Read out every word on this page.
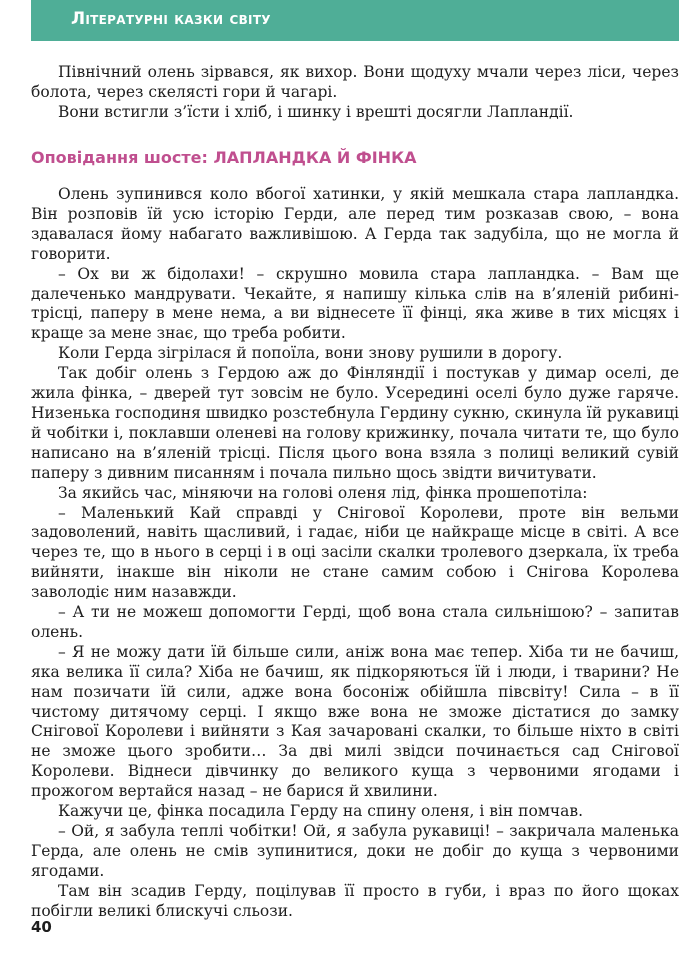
Літературні казки світу

Північний олень зірвався, як вихор. Вони щодуху мчали через ліси, через болота, через скелясті гори й чагарі.

Вони встигли з’їсти і хліб, і шинку і врешті досягли Лапландії.

Оповідання шосте: ЛАПЛАНДКА Й ФІНКА

Олень зупинився коло вбогої хатинки, у якій мешкала стара лапландка. Він розповів їй усю історію Герди, але перед тим розказав свою, – вона здавалася йому набагато важливішою. А Герда так задубіла, що не могла й говорити.

– Ох ви ж бідолахи! – скрушно мовила стара лапландка. – Вам ще далеченько мандрувати. Чекайте, я напишу кілька слів на в’яленій рибині-трісці, паперу в мене нема, а ви віднесете її фінці, яка живе в тих місцях і краще за мене знає, що треба робити.

Коли Герда зігрілася й попоїла, вони знову рушили в дорогу.

Так добіг олень з Гердою аж до Фінляндії і постукав у димар оселі, де жила фінка, – дверей тут зовсім не було. Усередині оселі було дуже гаряче. Низенька господиня швидко розстебнула Гердину сукню, скинула їй рукавиці й чобітки і, поклавши оленеві на голову крижинку, почала читати те, що було написано на в’яленій трісці. Після цього вона взяла з полиці великий сувій паперу з дивним писанням і почала пильно щось звідти вичитувати.

За якийсь час, міняючи на голові оленя лід, фінка прошепотіла:

– Маленький Кай справді у Снігової Королеви, проте він вельми задоволений, навіть щасливий, і гадає, ніби це найкраще місце в світі. А все через те, що в нього в серці і в оці засіли скалки тролевого дзеркала, їх треба вийняти, інакше він ніколи не стане самим собою і Снігова Королева заволодіє ним назавжди.

– А ти не можеш допомогти Герді, щоб вона стала сильнішою? – запитав олень.

– Я не можу дати їй більше сили, аніж вона має тепер. Хіба ти не бачиш, яка велика її сила? Хіба не бачиш, як підкоряються їй і люди, і тварини? Не нам позичати їй сили, адже вона босоніж обійшла півсвіту! Сила – в її чистому дитячому серці. І якщо вже вона не зможе дістатися до замку Снігової Королеви і вийняти з Кая зачаровані скалки, то більше ніхто в світі не зможе цього зробити… За дві милі звідси починається сад Снігової Королеви. Віднеси дівчинку до великого куща з червоними ягодами і прожогом вертайся назад – не барися й хвилини.

Кажучи це, фінка посадила Герду на спину оленя, і він помчав.

– Ой, я забула теплі чобітки! Ой, я забула рукавиці! – закричала маленька Герда, але олень не смів зупинитися, доки не добіг до куща з червоними ягодами.

Там він зсадив Герду, поцілував її просто в губи, і враз по його щоках побігли великі блискучі сльози.

40
